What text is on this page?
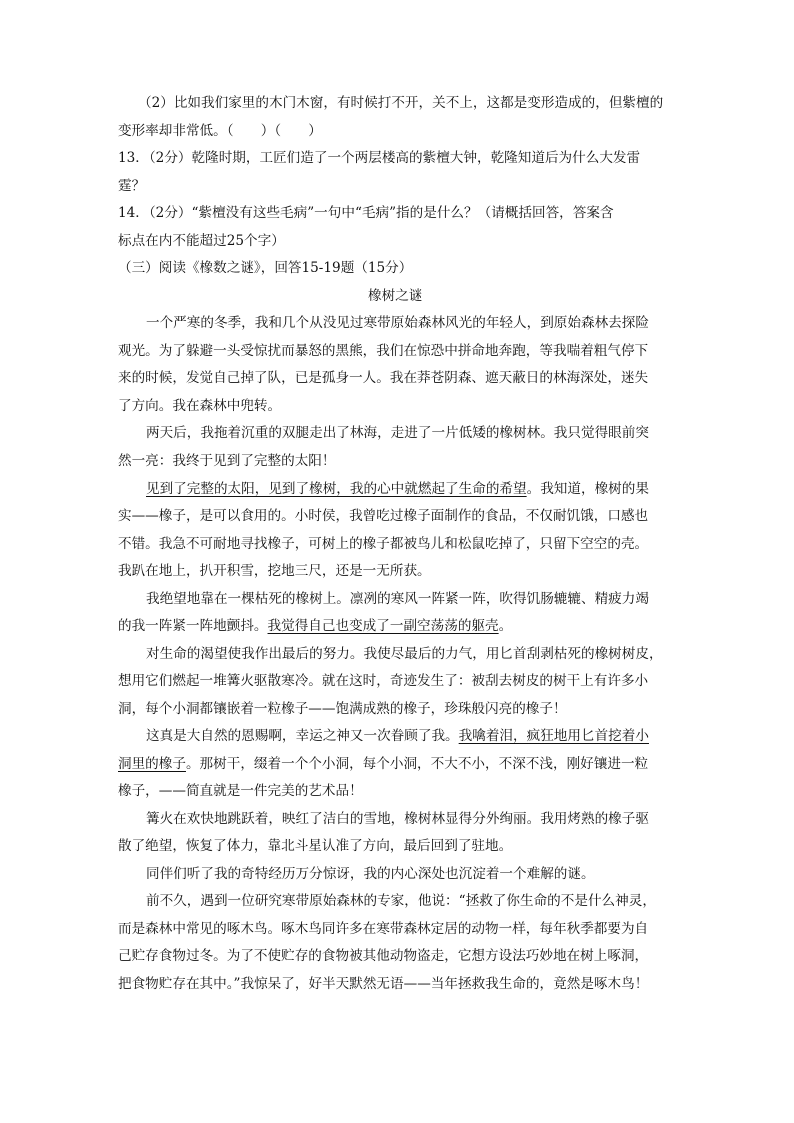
（2）比如我们家里的木门木窗，有时候打不开，关不上，这都是变形造成的，但紫檀的
变形率却非常低。（　　）（　　）
13．（2分）乾隆时期，工匠们造了一个两层楼高的紫檀大钟，乾隆知道后为什么大发雷
霆？
14．（2分）“紫檀没有这些毛病”一句中“毛病”指的是什么？（请概括回答，答案含
标点在内不能超过25个字）
（三）阅读《橡数之谜》，回答15-19题（15分）
橡树之谜
一个严寒的冬季，我和几个从没见过寒带原始森林风光的年轻人，到原始森林去探险
观光。为了躲避一头受惊扰而暴怒的黑熊，我们在惊恐中拼命地奔跑，等我喘着粗气停下
来的时候，发觉自己掉了队，已是孤身一人。我在莽苍阴森、遮天蔽日的林海深处，迷失
了方向。我在森林中兜转。
两天后，我拖着沉重的双腿走出了林海，走进了一片低矮的橡树林。我只觉得眼前突
然一亮：我终于见到了完整的太阳！
见到了完整的太阳，见到了橡树，我的心中就燃起了生命的希望。我知道，橡树的果
实——橡子，是可以食用的。小时侯，我曾吃过橡子面制作的食品，不仅耐饥饿，口感也
不错。我急不可耐地寻找橡子，可树上的橡子都被鸟儿和松鼠吃掉了，只留下空空的壳。
我趴在地上，扒开积雪，挖地三尺，还是一无所获。
我绝望地靠在一棵枯死的橡树上。凛冽的寒风一阵紧一阵，吹得饥肠辘辘、精疲力竭
的我一阵紧一阵地颤抖。我觉得自己也变成了一副空荡荡的躯壳。
对生命的渴望使我作出最后的努力。我使尽最后的力气，用匕首刮剥枯死的橡树树皮，
想用它们燃起一堆篝火驱散寒冷。就在这时，奇迹发生了：被刮去树皮的树干上有许多小
洞，每个小洞都镶嵌着一粒橡子——饱满成熟的橡子，珍珠般闪亮的橡子！
这真是大自然的恩赐啊，幸运之神又一次眷顾了我。我噙着泪，疯狂地用匕首挖着小
洞里的橡子。那树干，缀着一个个小洞，每个小洞，不大不小，不深不浅，刚好镶进一粒
橡子，——简直就是一件完美的艺术品！
篝火在欢快地跳跃着，映红了洁白的雪地，橡树林显得分外绚丽。我用烤熟的橡子驱
散了绝望，恢复了体力，靠北斗星认准了方向，最后回到了驻地。
同伴们听了我的奇特经历万分惊讶，我的内心深处也沉淀着一个难解的谜。
前不久，遇到一位研究寒带原始森林的专家，他说：“拯救了你生命的不是什么神灵，
而是森林中常见的啄木鸟。啄木鸟同许多在寒带森林定居的动物一样，每年秋季都要为自
己贮存食物过冬。为了不使贮存的食物被其他动物盗走，它想方设法巧妙地在树上啄洞，
把食物贮存在其中。”我惊呆了，好半天默然无语——当年拯救我生命的，竟然是啄木鸟！
